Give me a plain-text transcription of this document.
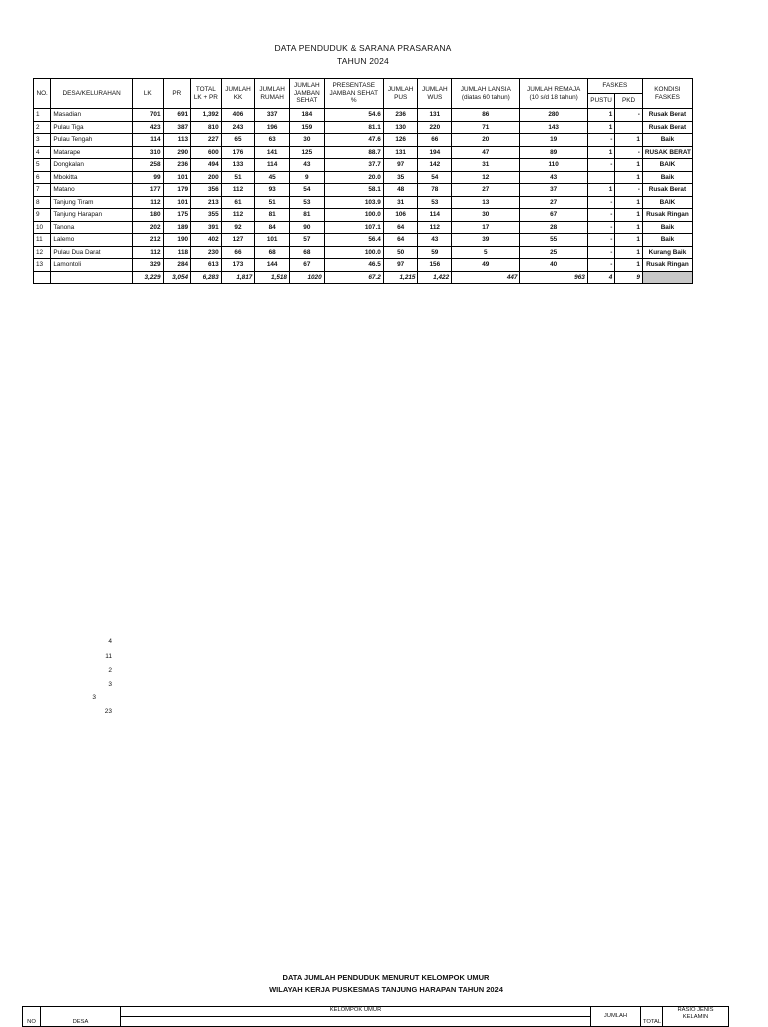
DATA PENDUDUK & SARANA PRASARANA
TAHUN 2024
NO.	DESA/KELURAHAN	LK	PR	TOTAL LK + PR	JUMLAH KK	JUMLAH RUMAH	JUMLAH JAMBAN SEHAT	PRESENTASE JAMBAN SEHAT %	JUMLAH PUS	JUMLAH WUS	JUMLAH LANSIA (diatas 60 tahun)	JUMLAH REMAJA (10 s/d 18 tahun)	FASKES		KONDISI FASKES
													PUSTU	PKD	
1	Masadian	701	691	1,392	406	337	184	54.6	236	131	86	280	1	-	Rusak Berat
2	Pulau Tiga	423	387	810	243	196	159	81.1	130	220	71	143	1		Rusak Berat
3	Pulau Tengah	114	113	227	65	63	30	47.6	126	66	20	19	-	1	Baik
4	Matarape	310	290	600	176	141	125	88.7	131	194	47	89	1	-	RUSAK BERAT
5	Dongkalan	258	236	494	133	114	43	37.7	97	142	31	110	-	1	BAIK
6	Mbokitta	99	101	200	51	45	9	20.0	35	54	12	43		1	Baik
7	Matano	177	179	356	112	93	54	58.1	48	78	27	37	1	-	Rusak Berat
8	Tanjung Tiram	112	101	213	61	51	53	103.9	31	53	13	27	-	1	BAIK
9	Tanjung Harapan	180	175	355	112	81	81	100.0	106	114	30	67	-	1	Rusak Ringan
10	Tanona	202	189	391	92	84	90	107.1	64	112	17	28	-	1	Baik
11	Lalemo	212	190	402	127	101	57	56.4	64	43	39	55	-	1	Baik
12	Pulau Dua Darat	112	118	230	66	68	68	100.0	50	59	5	25	-	1	Kurang Baik
13	Lamontoli	329	284	613	173	144	67	46.5	97	156	49	40	-	1	Rusak Ringan
		3,229	3,054	6,283	1,817	1,518	1020	67.2	1,215	1,422	447	963	4	9	
4
11
2
3
3
23
DATA JUMLAH PENDUDUK MENURUT KELOMPOK UMUR
WILAYAH KERJA PUSKESMAS TANJUNG HARAPAN TAHUN 2024
NO	DESA	KELOMPOK UMUR	JUMLAH	TOTAL	RASIO JENIS KELAMIN
